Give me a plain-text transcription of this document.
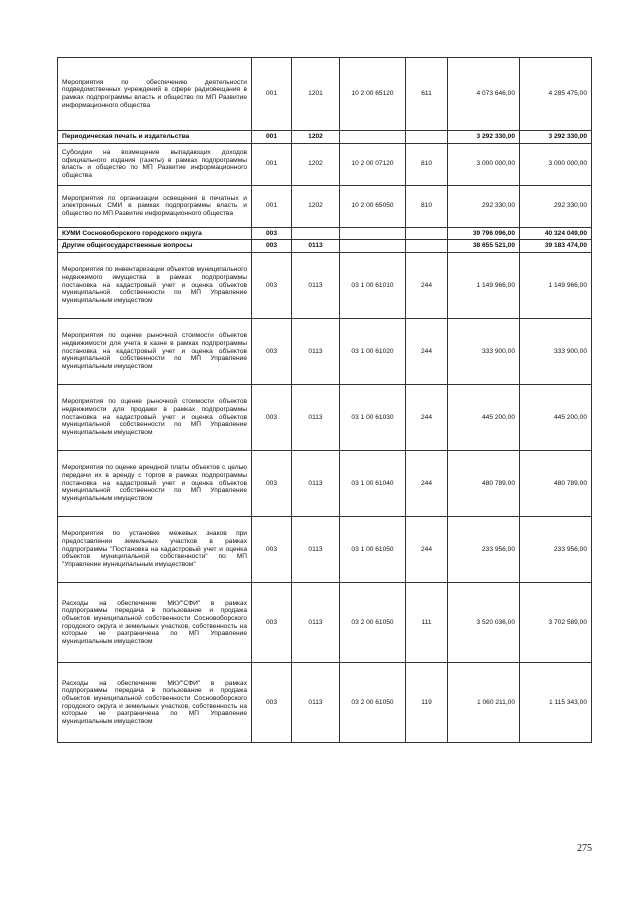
Мероприятия по обеспечению деятельности подведомственных учреждений в сфере радиовещания в рамках подпрограммы власть и общество по МП Развитие информационного общества	001	1201	10 2 00 65120	611	4 073 646,00	4 285 475,00
Периодическая печать и издательства	001	1202			3 292 330,00	3 292 330,00
Субсидии на возмещение выпадающих доходов официального издания (газеты) в рамках подпрограммы власть и общество по МП Развитие информационного общества	001	1202	10 2 00 07120	810	3 000 000,00	3 000 000,00
Мероприятия по организации освещения в печатных и электронных СМИ в рамках подпрограммы власть и общество по МП Развитие информационного общества	001	1202	10 2 00 65050	810	292 330,00	292 330,00
КУМИ Сосновоборского городского округа	003				39 796 096,00	40 324 049,00
Другие общегосударственные вопросы	003	0113			38 655 521,00	39 183 474,00
Мероприятия по инвентаризации объектов муниципального недвижимого имущества в рамках подпрограммы постановка на кадастровый учет и оценка объектов муниципальной собственности по МП Управление муниципальным имуществом	003	0113	03 1 00 61010	244	1 149 966,00	1 149 966,00
Мероприятия по оценке рыночной стоимости объектов недвижимости для учета в казне в рамках подпрограммы постановка на кадастровый учет и оценка объектов муниципальной собственности по МП Управление муниципальным имуществом	003	0113	03 1 00 61020	244	333 900,00	333 900,00
Мероприятия по оценке рыночной стоимости объектов недвижимости для продажи в рамках подпрограммы постановка на кадастровый учет и оценка объектов муниципальной собственности по МП Управление муниципальным имуществом	003	0113	03 1 00 61030	244	445 200,00	445 200,00
Мероприятия по оценке арендной платы объектов с целью передачи их в аренду с торгов в рамках подпрограммы постановка на кадастровый учет и оценка объектов муниципальной собственности по МП Управление муниципальным имуществом	003	0113	03 1 00 61040	244	480 789,00	480 789,00
Мероприятия по установке межевых знаков при предоставлении земельных участков в рамках подпрограммы "Постановка на кадастровый учет и оценка объектов муниципальной собственности" по МП "Управление муниципальным имуществом"	003	0113	03 1 00 61050	244	233 956,00	233 956,00
Расходы на обеспечение МКУ"СФИ" в рамках подпрограммы передача в пользование и продажа объектов муниципальной собственности Сосновоборского городского округа и земельных участков, собственность на которые не разграничена по МП Управление муниципальным имуществом	003	0113	03 2 00 61050	111	3 520 036,00	3 702 589,00
Расходы на обеспечение МКУ"СФИ" в рамках подпрограммы передача в пользование и продажа объектов муниципальной собственности Сосновоборского городского округа и земельных участков, собственность на которые не разграничена по МП Управление муниципальным имуществом	003	0113	03 2 00 61050	119	1 060 211,00	1 115 343,00
275
